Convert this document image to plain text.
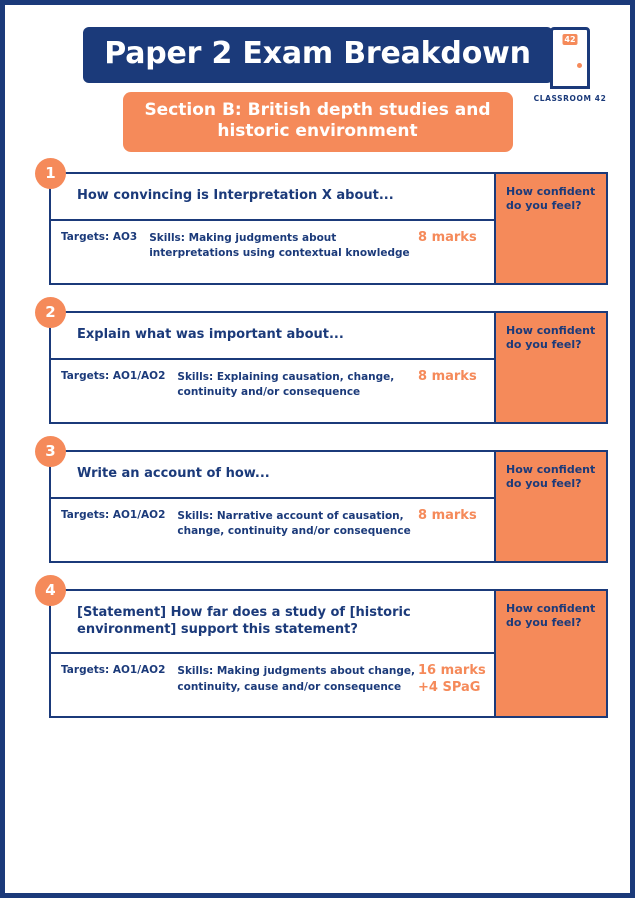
Paper 2 Exam Breakdown
Section B: British depth studies and historic environment
42
CLASSROOM 42
1
How convincing is Interpretation X about...
Targets: AO3 Skills: Making judgments about interpretations using contextual knowledge
8 marks
How confident do you feel?
2
Explain what was important about...
Targets: AO1/AO2 Skills: Explaining causation, change, continuity and/or consequence
8 marks
How confident do you feel?
3
Write an account of how...
Targets: AO1/AO2 Skills: Narrative account of causation, change, continuity and/or consequence
8 marks
How confident do you feel?
4
[Statement] How far does a study of [historic environment] support this statement?
Targets: AO1/AO2 Skills: Making judgments about change, continuity, cause and/or consequence
16 marks
+4 SPaG
How confident do you feel?
